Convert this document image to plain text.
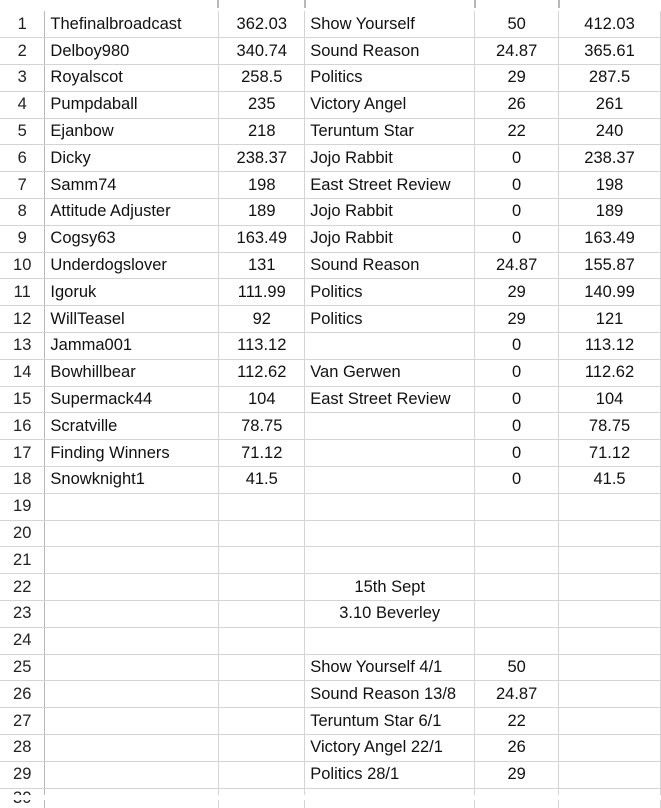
1	Thefinalbroadcast	362.03	Show Yourself	50	412.03
2	Delboy980	340.74	Sound Reason	24.87	365.61
3	Royalscot	258.5	Politics	29	287.5
4	Pumpdaball	235	Victory Angel	26	261
5	Ejanbow	218	Teruntum Star	22	240
6	Dicky	238.37	Jojo Rabbit	0	238.37
7	Samm74	198	East Street Review	0	198
8	Attitude Adjuster	189	Jojo Rabbit	0	189
9	Cogsy63	163.49	Jojo Rabbit	0	163.49
10	Underdogslover	131	Sound Reason	24.87	155.87
11	Igoruk	111.99	Politics	29	140.99
12	WillTeasel	92	Politics	29	121
13	Jamma001	113.12		0	113.12
14	Bowhillbear	112.62	Van Gerwen	0	112.62
15	Supermack44	104	East Street Review	0	104
16	Scratville	78.75		0	78.75
17	Finding Winners	71.12		0	71.12
18	Snowknight1	41.5		0	41.5
19					
20					
21					
22			15th Sept		
23			3.10 Beverley		
24					
25			Show Yourself 4/1	50	
26			Sound Reason 13/8	24.87	
27			Teruntum Star 6/1	22	
28			Victory Angel 22/1	26	
29			Politics 28/1	29	
